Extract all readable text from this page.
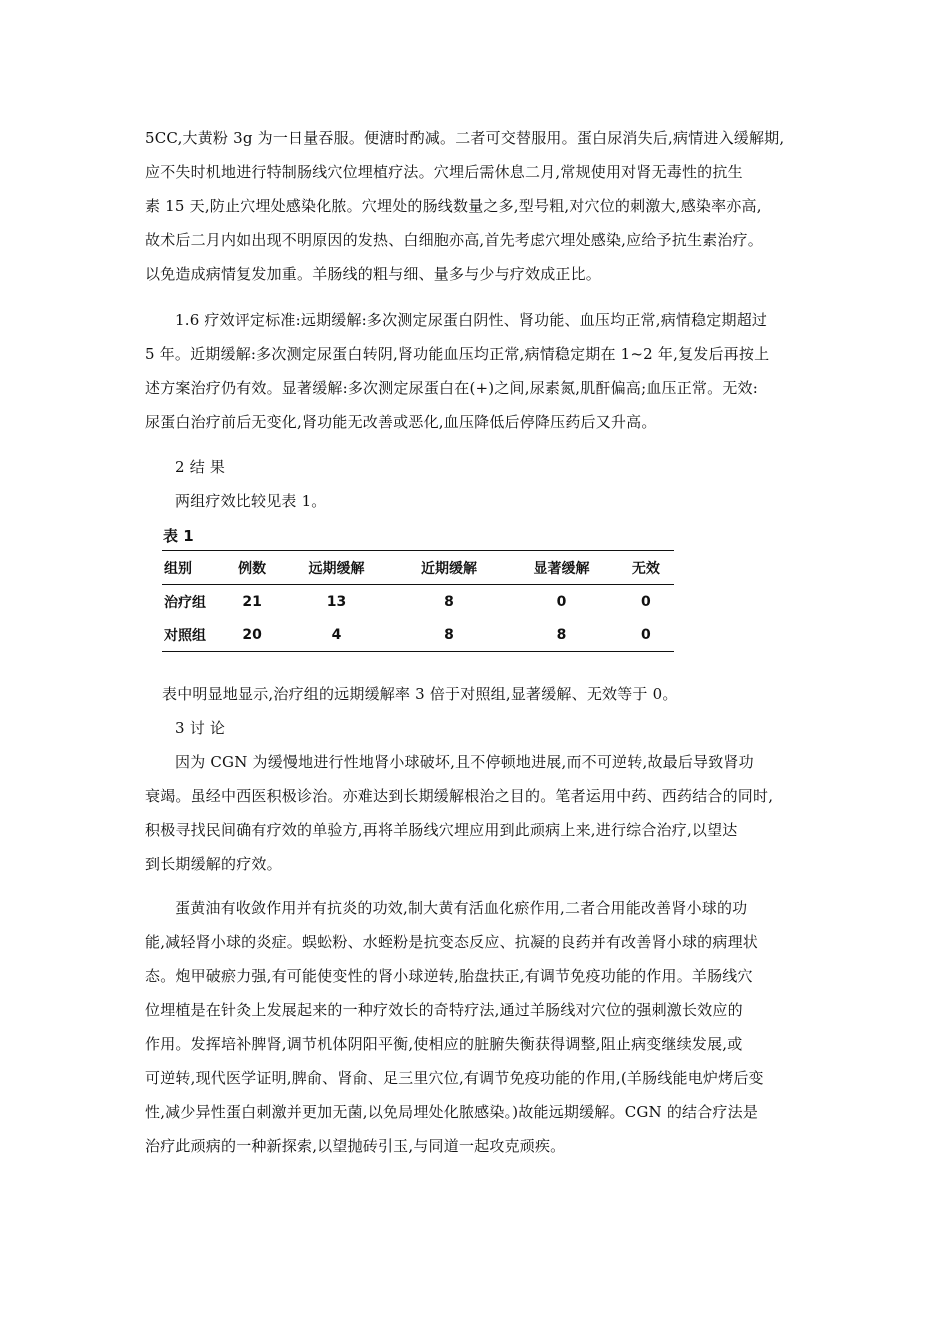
5CC,大黄粉 3g 为一日量吞服。便溏时酌减。二者可交替服用。蛋白尿消失后,病情进入缓解期,
应不失时机地进行特制肠线穴位埋植疗法。穴埋后需休息二月,常规使用对肾无毒性的抗生
素 15 天,防止穴埋处感染化脓。穴埋处的肠线数量之多,型号粗,对穴位的刺激大,感染率亦高,
故术后二月内如出现不明原因的发热、白细胞亦高,首先考虑穴埋处感染,应给予抗生素治疗。
以免造成病情复发加重。羊肠线的粗与细、量多与少与疗效成正比。
1.6 疗效评定标准:远期缓解:多次测定尿蛋白阴性、肾功能、血压均正常,病情稳定期超过
5 年。近期缓解:多次测定尿蛋白转阴,肾功能血压均正常,病情稳定期在 1~2 年,复发后再按上
述方案治疗仍有效。显著缓解:多次测定尿蛋白在(+)之间,尿素氮,肌酐偏高;血压正常。无效:
尿蛋白治疗前后无变化,肾功能无改善或恶化,血压降低后停降压药后又升高。
2 结 果
两组疗效比较见表 1。
表 1
组别	例数	远期缓解	近期缓解	显著缓解	无效
治疗组	21	13	8	0	0
对照组	20	4	8	8	0
表中明显地显示,治疗组的远期缓解率 3 倍于对照组,显著缓解、无效等于 0。
3 讨 论
因为 CGN 为缓慢地进行性地肾小球破坏,且不停顿地进展,而不可逆转,故最后导致肾功
衰竭。虽经中西医积极诊治。亦难达到长期缓解根治之目的。笔者运用中药、西药结合的同时,
积极寻找民间确有疗效的单验方,再将羊肠线穴埋应用到此顽病上来,进行综合治疗,以望达
到长期缓解的疗效。
蛋黄油有收敛作用并有抗炎的功效,制大黄有活血化瘀作用,二者合用能改善肾小球的功
能,减轻肾小球的炎症。蜈蚣粉、水蛭粉是抗变态反应、抗凝的良药并有改善肾小球的病理状
态。炮甲破瘀力强,有可能使变性的肾小球逆转,胎盘扶正,有调节免疫功能的作用。羊肠线穴
位埋植是在针灸上发展起来的一种疗效长的奇特疗法,通过羊肠线对穴位的强刺激长效应的
作用。发挥培补脾肾,调节机体阴阳平衡,使相应的脏腑失衡获得调整,阻止病变继续发展,或
可逆转,现代医学证明,脾俞、肾俞、足三里穴位,有调节免疫功能的作用,(羊肠线能电炉烤后变
性,减少异性蛋白刺激并更加无菌,以免局埋处化脓感染。)故能远期缓解。CGN 的结合疗法是
治疗此顽病的一种新探索,以望抛砖引玉,与同道一起攻克顽疾。
